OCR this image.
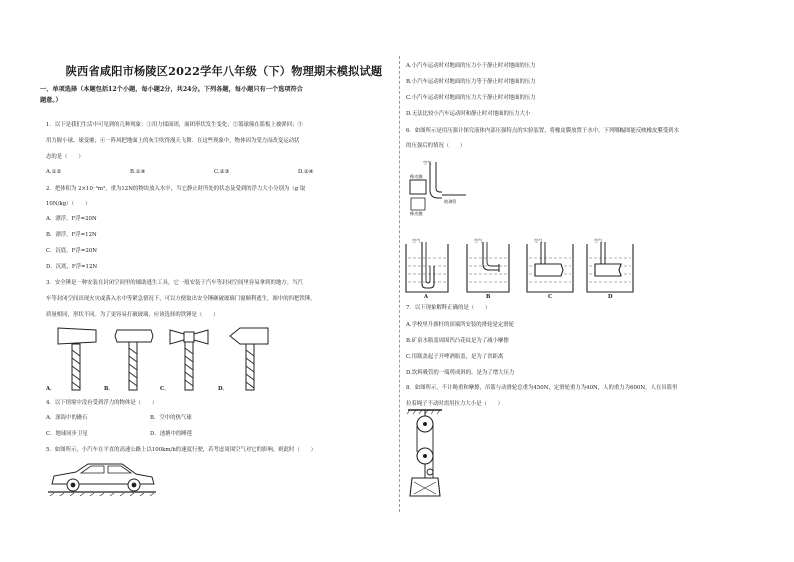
陕西省咸阳市杨陵区2022学年八年级（下）物理期末模拟试题
一、单项选择（本题包括12个小题，每小题2分，共24分。下列各题，每小题只有一个选项符合
题意。）
1．以下是我们生活中可见到的几种现象：①用力揉面团，面团形状发生变化；②篮球撞在篮板上被弹回；③
用力握小球，球变瘪；④一阵风把地面上的灰尘吹得漫天飞舞．在这些现象中，物体因为受力而改变运动状
态的是（　　）
A.①②	B.①④	C.②③	D.②④
2．把体积为 2×10⁻³m³，重为12N的物块放入水中，当它静止时所处的状态及受到的浮力大小分别为（g 取
10N/kg）（　　）
A．漂浮，F浮=20N
B．漂浮，F浮=12N
C．沉底，F浮=20N
D．沉底，F浮=12N
3．安全锤是一种安装在封闭空间里的辅助逃生工具，它一般安装于汽车等封闭空间里容易拿到的地方。当汽
车等封闭空间出现火灾或落入水中等紧急情况下，可以方便取出安全锤砸破玻璃门窗顺利逃生，图中的四把铁锤，
质量相同，形状不同。为了更容易打破玻璃，应该选择的铁锤是（　　）
A．	B．	C．	D．
4．以下情境中没有受到浮力的物体是（　　）
A．深海中的礁石	B．空中的热气球
C．地球同步卫星	D．池塘中的睡莲
5．如图所示，小汽车在平直的高速公路上以100km/h的速度行驶，若考虑周围空气对它的影响，则此时（　　）
A.小汽车运动时对地面的压力小于静止时对地面的压力
B.小汽车运动时对地面的压力等于静止时对地面的压力
C.小汽车运动时对地面的压力大于静止时对地面的压力
D.无法比较小汽车运动时和静止时对地面的压力大小
6．如图所示是用压强计探究液体内部压强特点的实验装置，将橡皮膜放置于水中，下列哪幅图能反映橡皮膜受到水
的压强后的情况（　　）
空气
橡皮膜
玻璃管
橡皮膜
空气	空气	空气	空气
A	B	C	D
7．以下现象解释正确的是（　　）
A.学校里升旗杆的顶端所安装的滑轮是定滑轮
B.矿泉水瓶盖周围凹凸花纹是为了减小摩擦
C.用瓶盖起子开啤酒瓶盖，是为了省距离
D.饮料吸管的一端剪成斜的，是为了增大压力
8．如图所示，不计绳重和摩擦，吊篮与动滑轮总重为450N，定滑轮重力为40N，人的重力为600N，人在吊篮里
拉着绳子不动时需用拉力大小是（　　）
